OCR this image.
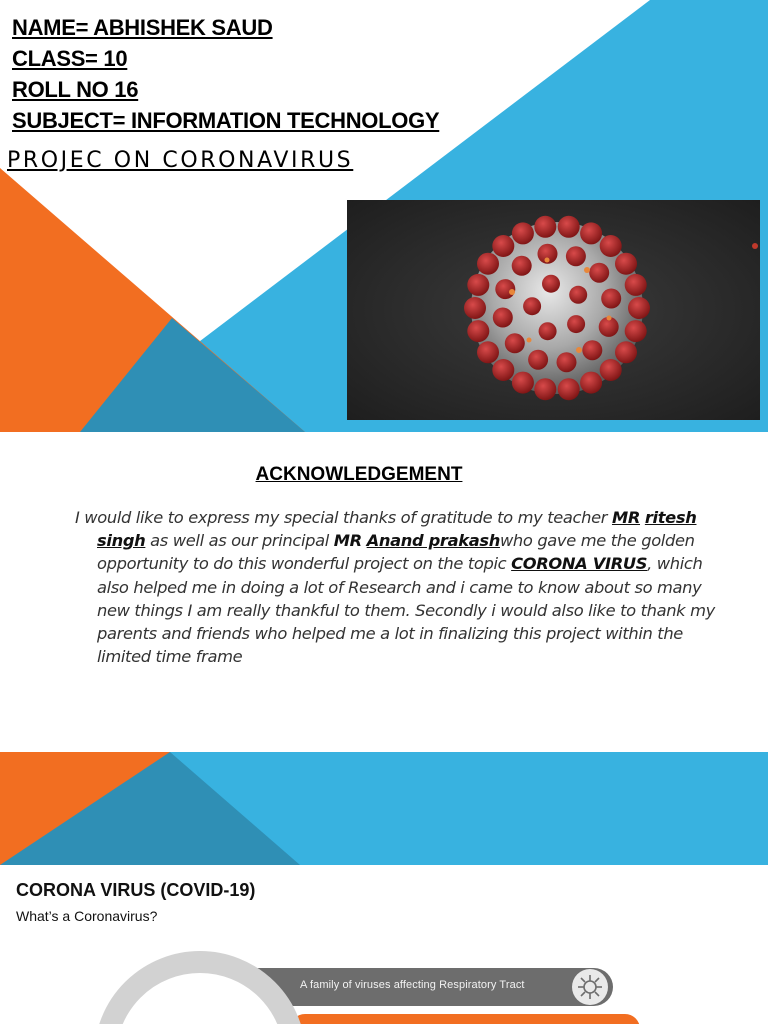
NAME= ABHISHEK SAUD
CLASS= 10
ROLL NO 16
SUBJECT= INFORMATION TECHNOLOGY
PROJEC ON CORONAVIRUS
ACKNOWLEDGEMENT

I would like to express my special thanks of gratitude to my teacher MR ritesh singh as well as our principal MR Anand prakashwho gave me the golden opportunity to do this wonderful project on the topic CORONA VIRUS, which also helped me in doing a lot of Research and i came to know about so many new things I am really thankful to them. Secondly i would also like to thank my parents and friends who helped me a lot in finalizing this project within the limited time frame

CORONA VIRUS (COVID-19)

What’s a Coronavirus?

A family of viruses affecting Respiratory Tract
